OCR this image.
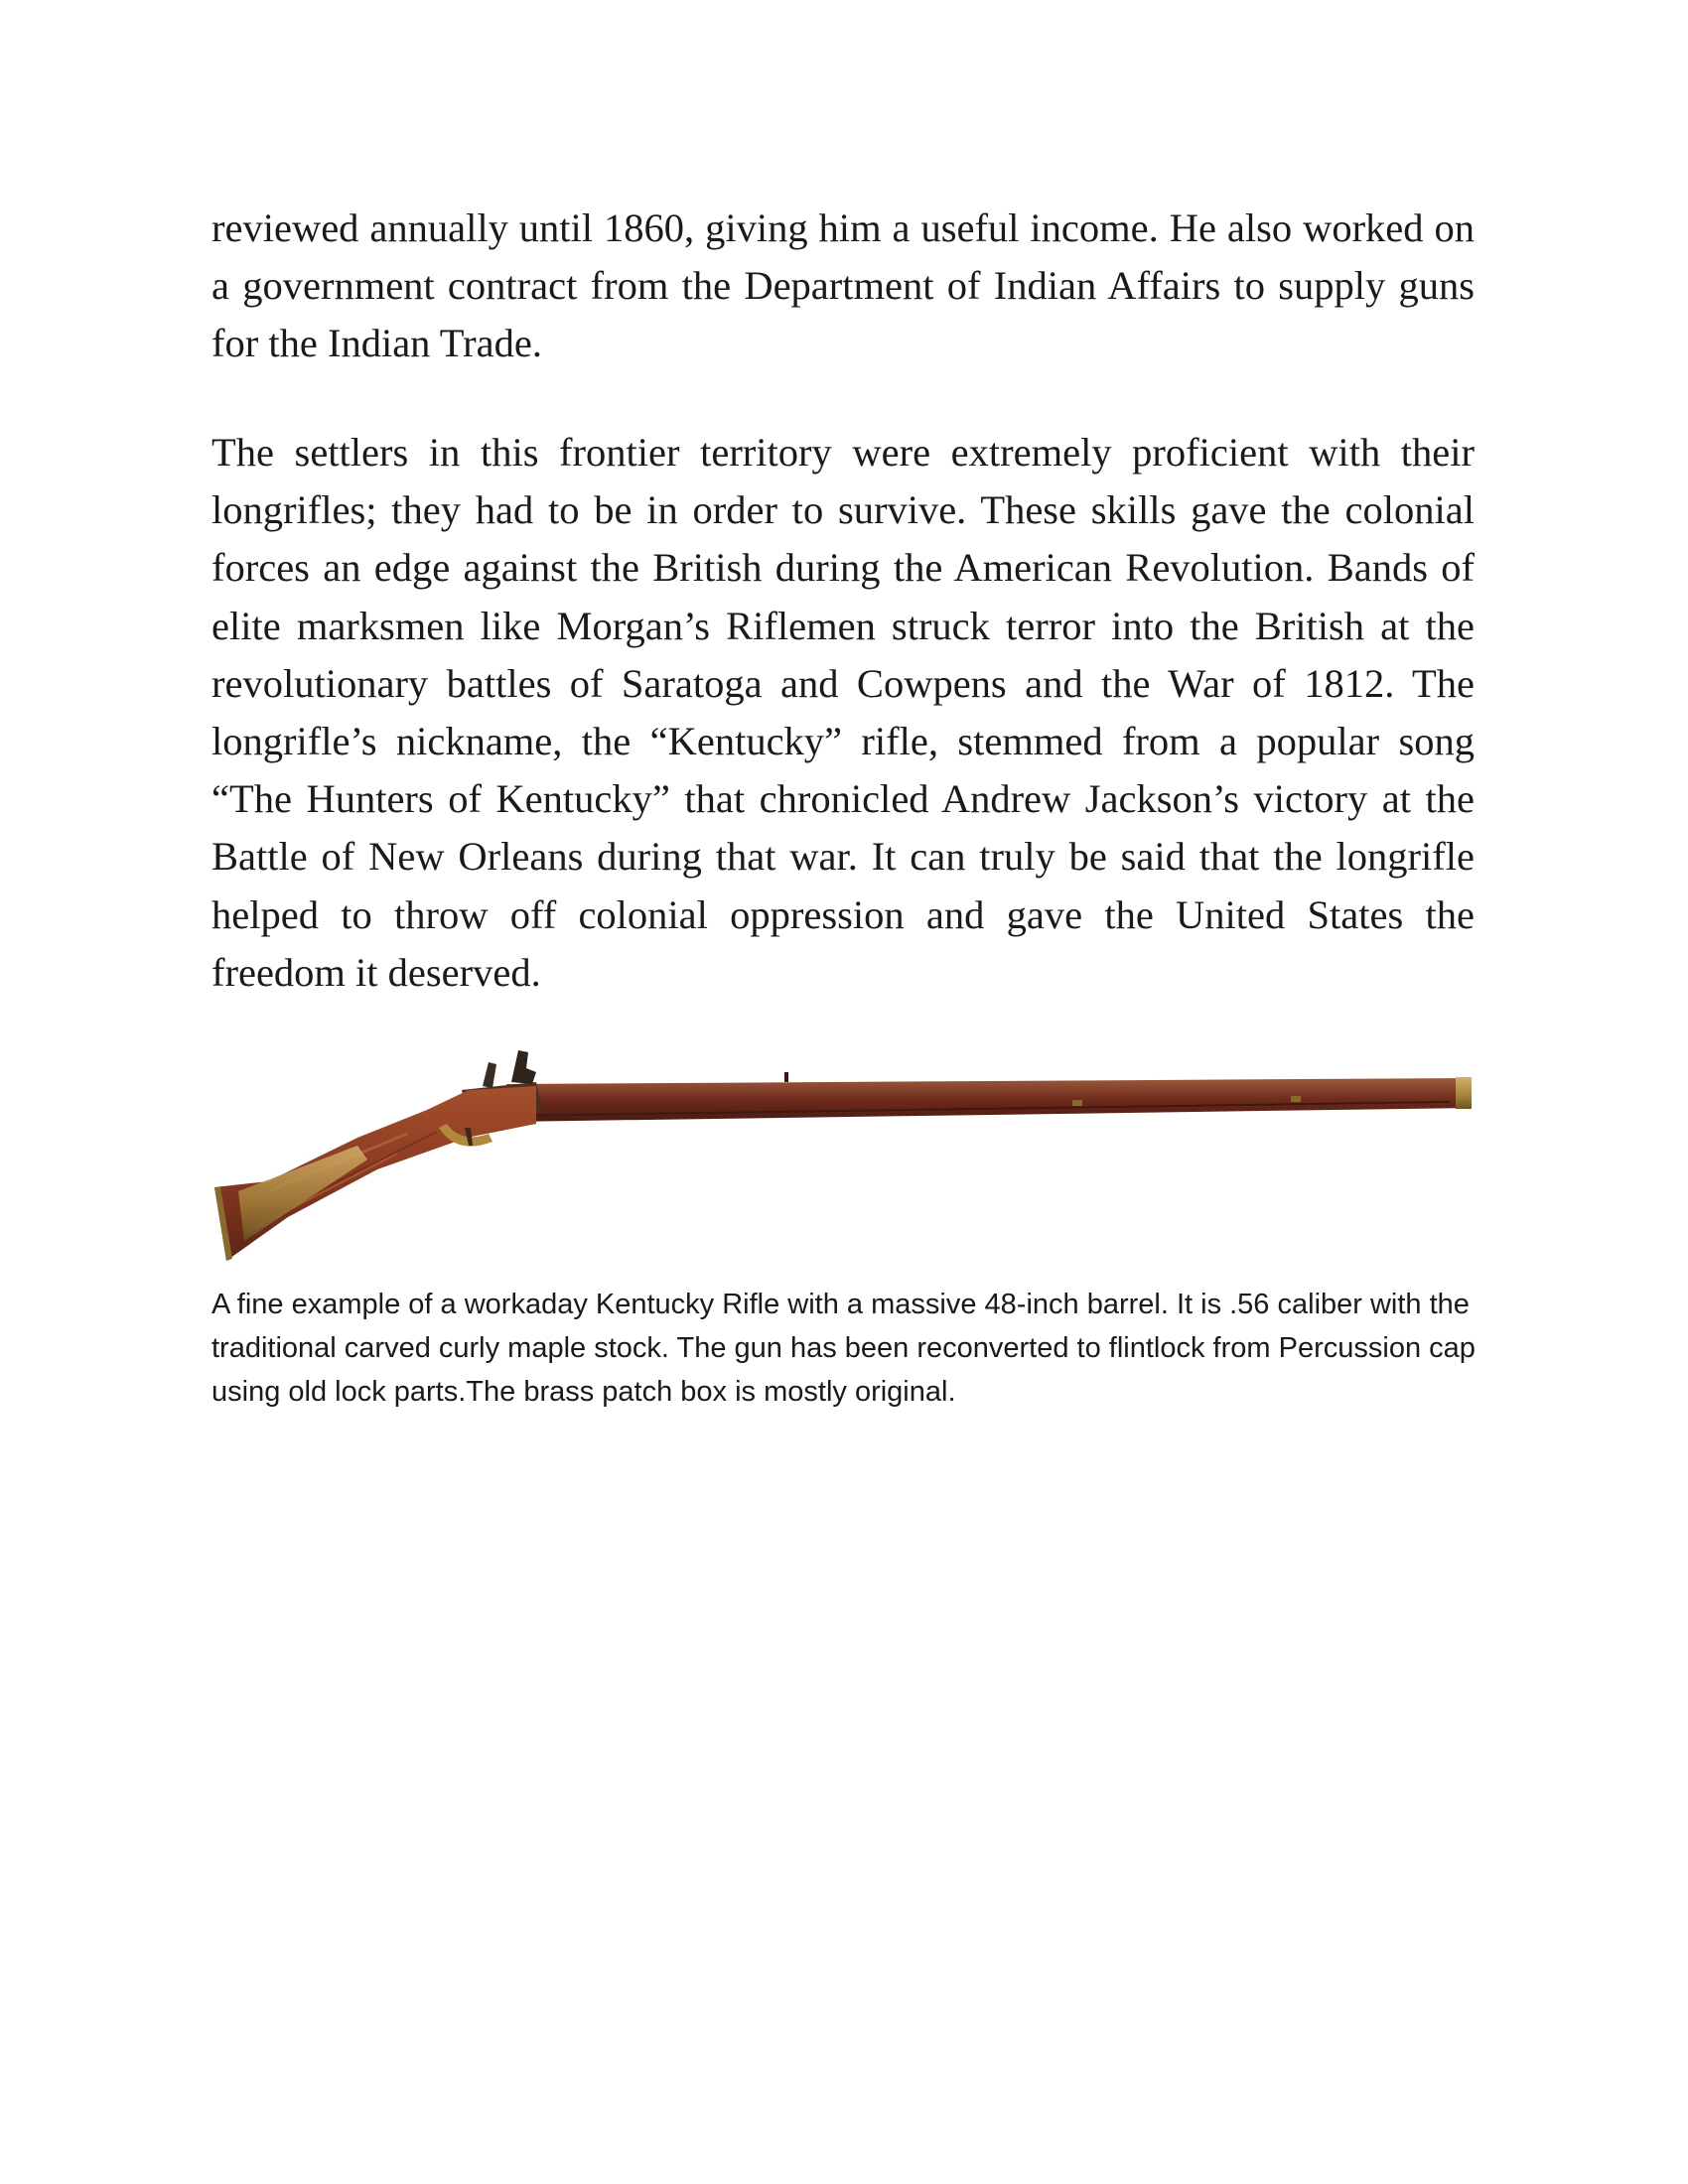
reviewed annually until 1860, giving him a useful income. He also worked on a government contract from the Department of Indian Affairs to supply guns for the Indian Trade.

The settlers in this frontier territory were extremely proficient with their longrifles; they had to be in order to survive. These skills gave the colonial forces an edge against the British during the American Revolution. Bands of elite marksmen like Morgan’s Riflemen struck terror into the British at the revolutionary battles of Saratoga and Cowpens and the War of 1812. The longrifle’s nickname, the “Kentucky” rifle, stemmed from a popular song “The Hunters of Kentucky” that chronicled Andrew Jackson’s victory at the Battle of New Orleans during that war. It can truly be said that the longrifle helped to throw off colonial oppression and gave the United States the freedom it deserved.

A fine example of a workaday Kentucky Rifle with a massive 48-inch barrel. It is .56 caliber with the traditional carved curly maple stock. The gun has been reconverted to flintlock from Percussion cap using old lock parts.The brass patch box is mostly original.
